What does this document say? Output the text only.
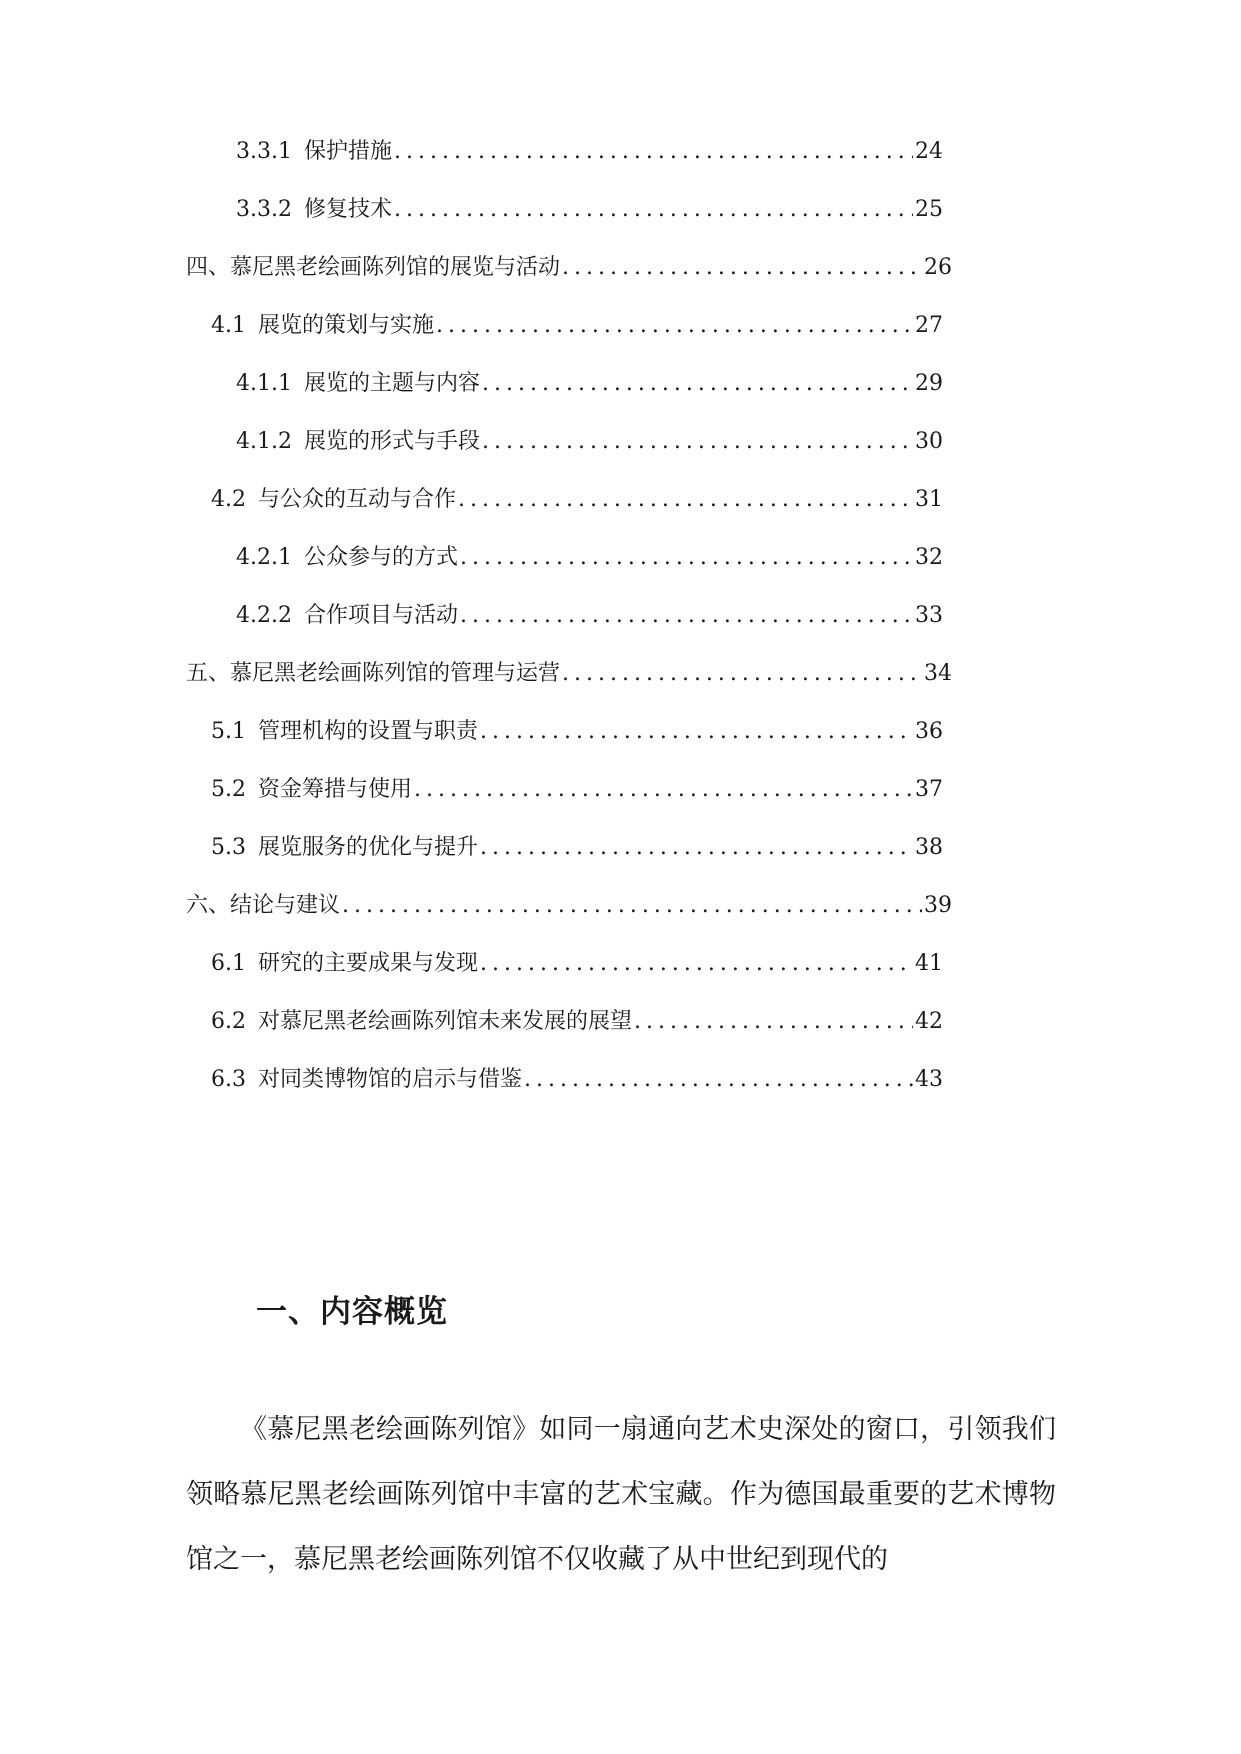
3.3.1 保护措施 .....	24
3.3.2 修复技术 .....	25
四、慕尼黑老绘画陈列馆的展览与活动 .....	26
4.1 展览的策划与实施 .....	27
4.1.1 展览的主题与内容 .....	29
4.1.2 展览的形式与手段 .....	30
4.2 与公众的互动与合作 .....	31
4.2.1 公众参与的方式 .....	32
4.2.2 合作项目与活动 .....	33
五、慕尼黑老绘画陈列馆的管理与运营 .....	34
5.1 管理机构的设置与职责 .....	36
5.2 资金筹措与使用 .....	37
5.3 展览服务的优化与提升 .....	38
六、结论与建议 .....	39
6.1 研究的主要成果与发现 .....	41
6.2 对慕尼黑老绘画陈列馆未来发展的展望 .....	42
6.3 对同类博物馆的启示与借鉴 .....	43
一、内容概览

《慕尼黑老绘画陈列馆》如同一扇通向艺术史深处的窗口，引领我们领略慕尼黑老绘画陈列馆中丰富的艺术宝藏。作为德国最重要的艺术博物馆之一，慕尼黑老绘画陈列馆不仅收藏了从中世纪到现代的
